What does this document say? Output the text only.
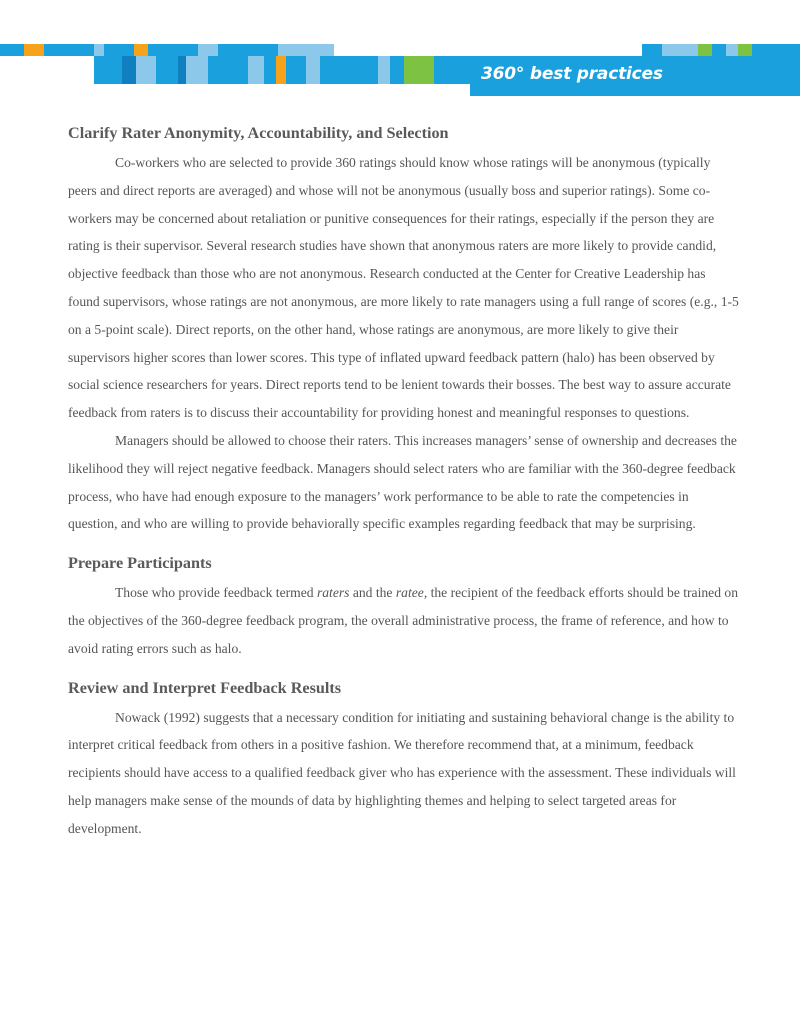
360° best practices
Clarify Rater Anonymity, Accountability, and Selection

Co-workers who are selected to provide 360 ratings should know whose ratings will be anonymous (typically peers and direct reports are averaged) and whose will not be anonymous (usually boss and superior ratings). Some co-workers may be concerned about retaliation or punitive consequences for their ratings, especially if the person they are rating is their supervisor. Several research studies have shown that anonymous raters are more likely to provide candid, objective feedback than those who are not anonymous. Research conducted at the Center for Creative Leadership has found supervisors, whose ratings are not anonymous, are more likely to rate managers using a full range of scores (e.g., 1-5 on a 5-point scale). Direct reports, on the other hand, whose ratings are anonymous, are more likely to give their supervisors higher scores than lower scores. This type of inflated upward feedback pattern (halo) has been observed by social science researchers for years. Direct reports tend to be lenient towards their bosses. The best way to assure accurate feedback from raters is to discuss their accountability for providing honest and meaningful responses to questions.

Managers should be allowed to choose their raters. This increases managers’ sense of ownership and decreases the likelihood they will reject negative feedback. Managers should select raters who are familiar with the 360-degree feedback process, who have had enough exposure to the managers’ work performance to be able to rate the competencies in question, and who are willing to provide behaviorally specific examples regarding feedback that may be surprising.

Prepare Participants

Those who provide feedback termed raters and the ratee, the recipient of the feedback efforts should be trained on the objectives of the 360-degree feedback program, the overall administrative process, the frame of reference, and how to avoid rating errors such as halo.

Review and Interpret Feedback Results

Nowack (1992) suggests that a necessary condition for initiating and sustaining behavioral change is the ability to interpret critical feedback from others in a positive fashion. We therefore recommend that, at a minimum, feedback recipients should have access to a qualified feedback giver who has experience with the assessment. These individuals will help managers make sense of the mounds of data by highlighting themes and helping to select targeted areas for development.
